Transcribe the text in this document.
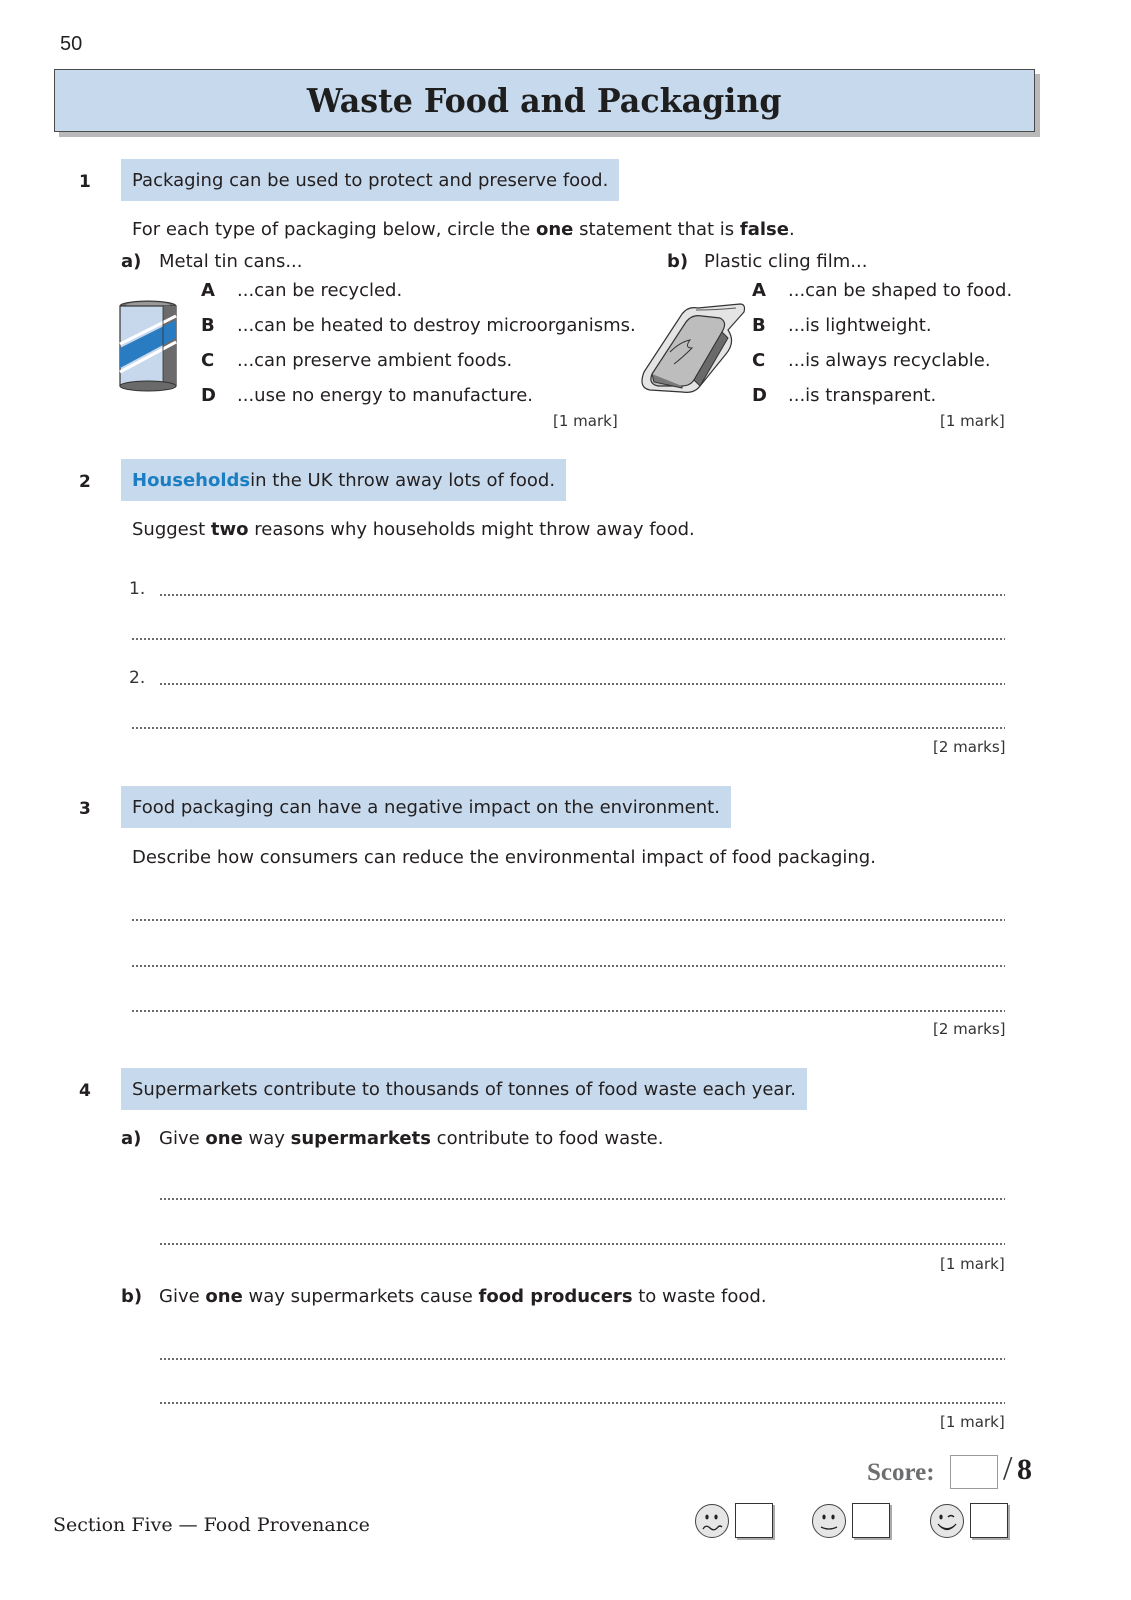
50
Waste Food and Packaging
1 Packaging can be used to protect and preserve food.
For each type of packaging below, circle the one statement that is false.
a) Metal tin cans...
A ...can be recycled.
B ...can be heated to destroy microorganisms.
C ...can preserve ambient foods.
D ...use no energy to manufacture.
[1 mark]
b) Plastic cling film...
A ...can be shaped to food.
B ...is lightweight.
C ...is always recyclable.
D ...is transparent.
[1 mark]
2 Households in the UK throw away lots of food.
Suggest two reasons why households might throw away food.
1.
2.
[2 marks]
3 Food packaging can have a negative impact on the environment.
Describe how consumers can reduce the environmental impact of food packaging.
[2 marks]
4 Supermarkets contribute to thousands of tonnes of food waste each year.
a) Give one way supermarkets contribute to food waste.
[1 mark]
b) Give one way supermarkets cause food producers to waste food.
[1 mark]
Score: / 8
Section Five — Food Provenance
